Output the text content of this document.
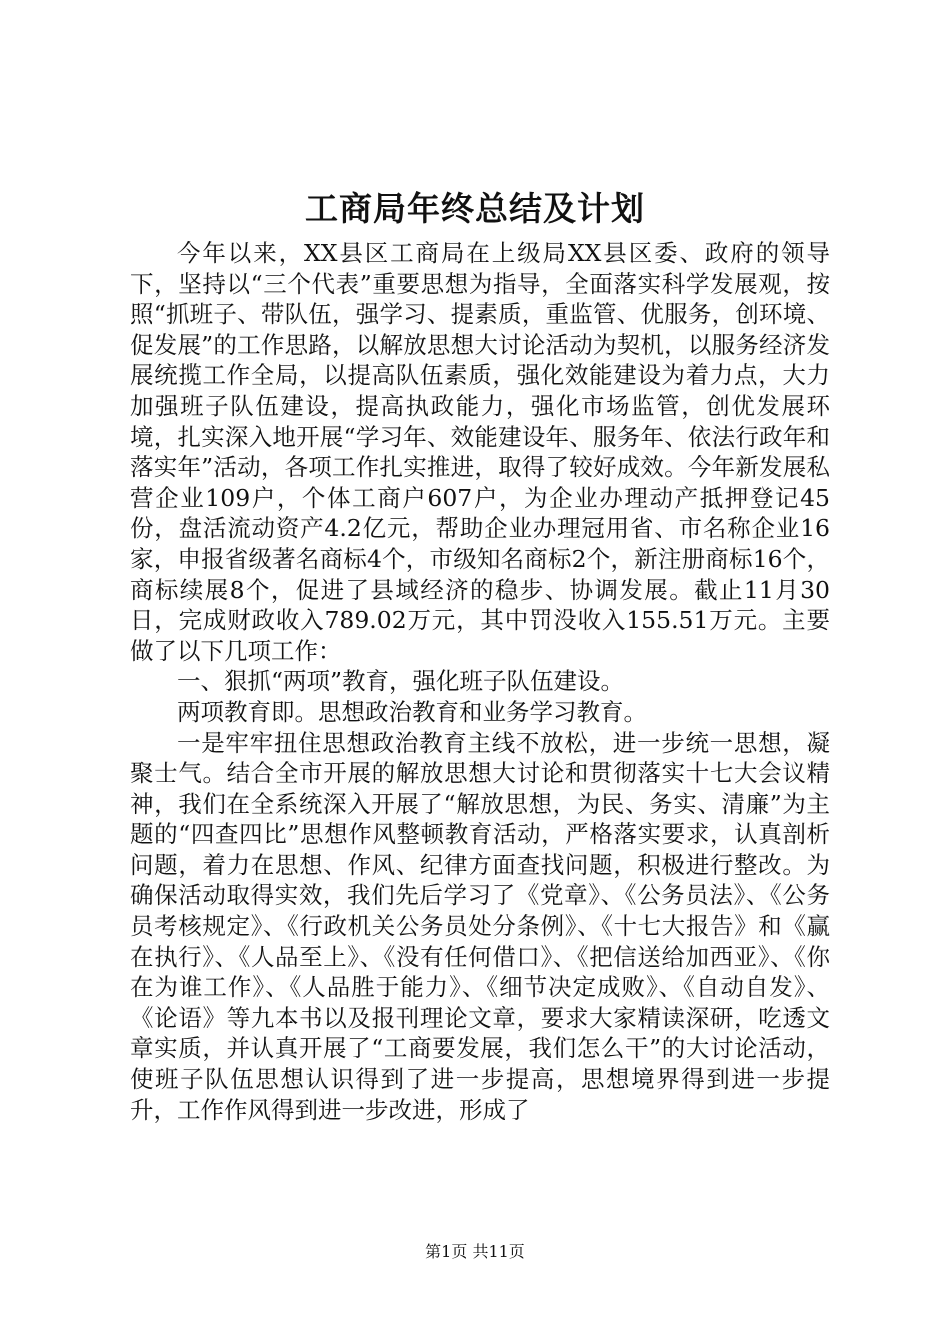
工商局年终总结及计划

今年以来，XX县区工商局在上级局XX县区委、政府的领导下，坚持以“三个代表”重要思想为指导，全面落实科学发展观，按照“抓班子、带队伍，强学习、提素质，重监管、优服务，创环境、促发展”的工作思路，以解放思想大讨论活动为契机，以服务经济发展统揽工作全局，以提高队伍素质，强化效能建设为着力点，大力加强班子队伍建设，提高执政能力，强化市场监管，创优发展环境，扎实深入地开展“学习年、效能建设年、服务年、依法行政年和落实年”活动，各项工作扎实推进，取得了较好成效。今年新发展私营企业109户，个体工商户607户，为企业办理动产抵押登记45份，盘活流动资产4.2亿元，帮助企业办理冠用省、市名称企业16家，申报省级著名商标4个，市级知名商标2个，新注册商标16个，商标续展8个，促进了县域经济的稳步、协调发展。截止11月30日，完成财政收入789.02万元，其中罚没收入155.51万元。主要做了以下几项工作：

一、狠抓“两项”教育，强化班子队伍建设。

两项教育即。思想政治教育和业务学习教育。

一是牢牢扭住思想政治教育主线不放松，进一步统一思想，凝聚士气。结合全市开展的解放思想大讨论和贯彻落实十七大会议精神，我们在全系统深入开展了“解放思想，为民、务实、清廉”为主题的“四查四比”思想作风整顿教育活动，严格落实要求，认真剖析问题，着力在思想、作风、纪律方面查找问题，积极进行整改。为确保活动取得实效，我们先后学习了《党章》、《公务员法》、《公务员考核规定》、《行政机关公务员处分条例》、《十七大报告》和《赢在执行》、《人品至上》、《没有任何借口》、《把信送给加西亚》、《你在为谁工作》、《人品胜于能力》、《细节决定成败》、《自动自发》、《论语》等九本书以及报刊理论文章，要求大家精读深研，吃透文章实质，并认真开展了“工商要发展，我们怎么干”的大讨论活动，使班子队伍思想认识得到了进一步提高，思想境界得到进一步提升，工作作风得到进一步改进，形成了

第1页 共11页
